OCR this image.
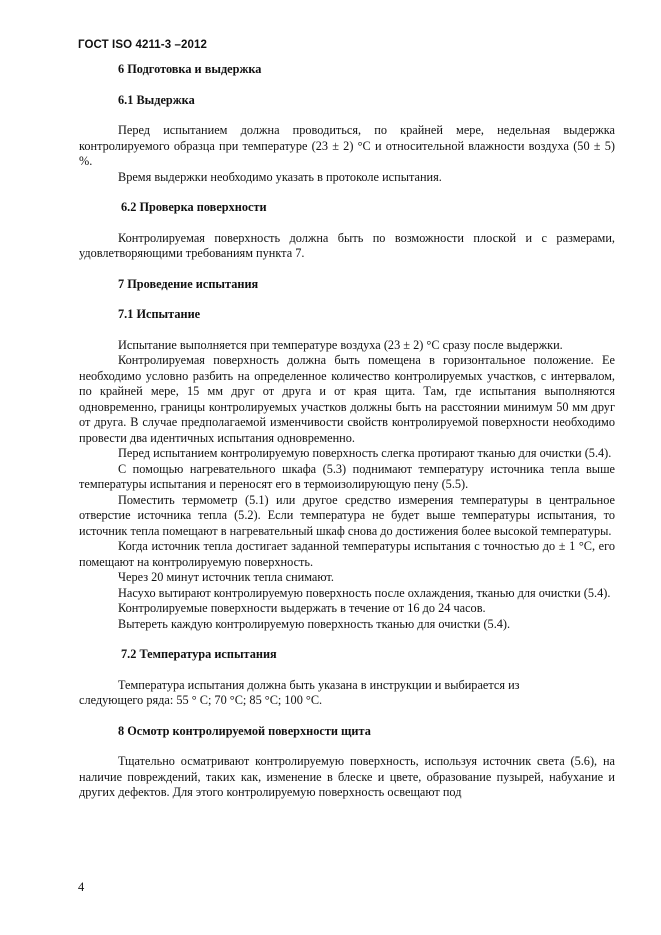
ГОСТ ISO 4211-3 –2012
6 Подготовка и выдержка
6.1 Выдержка

Перед испытанием должна проводиться, по крайней мере, недельная выдержка контролируемого образца при температуре (23 ± 2) °С и относительной влажности воздуха (50 ± 5) %.

Время выдержки необходимо указать в протоколе испытания.

6.2 Проверка поверхности

Контролируемая поверхность должна быть по возможности плоской и с размерами, удовлетворяющими требованиям пункта 7.

7 Проведение испытания
7.1 Испытание

Испытание выполняется при температуре воздуха (23 ± 2) °С сразу после выдержки.

Контролируемая поверхность должна быть помещена в горизонтальное положение. Ее необходимо условно разбить на определенное количество контролируемых участков, с интервалом, по крайней мере, 15 мм друг от друга и от края щита. Там, где испытания выполняются одновременно, границы контролируемых участков должны быть на расстоянии минимум 50 мм друг от друга. В случае предполагаемой изменчивости свойств контролируемой поверхности необходимо провести два идентичных испытания одновременно.

Перед испытанием контролируемую поверхность слегка протирают тканью для очистки (5.4).

С помощью нагревательного шкафа (5.3) поднимают температуру источника тепла выше температуры испытания и переносят его в термоизолирующую пену (5.5).

Поместить термометр (5.1) или другое средство измерения температуры в центральное отверстие источника тепла (5.2). Если температура не будет выше температуры испытания, то источник тепла помещают в нагревательный шкаф снова до достижения более высокой температуры.

Когда источник тепла достигает заданной температуры испытания с точностью до ± 1 °С, его помещают на контролируемую поверхность.

Через 20 минут источник тепла снимают.

Насухо вытирают контролируемую поверхность после охлаждения, тканью для очистки (5.4).

Контролируемые поверхности выдержать в течение от 16 до 24 часов.

Вытереть каждую контролируемую поверхность тканью для очистки (5.4).

7.2 Температура испытания

Температура испытания должна быть указана в инструкции и выбирается из

следующего ряда: 55 ° С; 70 °С; 85 °С; 100 °С.

8 Осмотр контролируемой поверхности щита

Тщательно осматривают контролируемую поверхность, используя источник света (5.6), на наличие повреждений, таких как, изменение в блеске и цвете, образование пузырей, набухание и других дефектов. Для этого контролируемую поверхность освещают под

4
